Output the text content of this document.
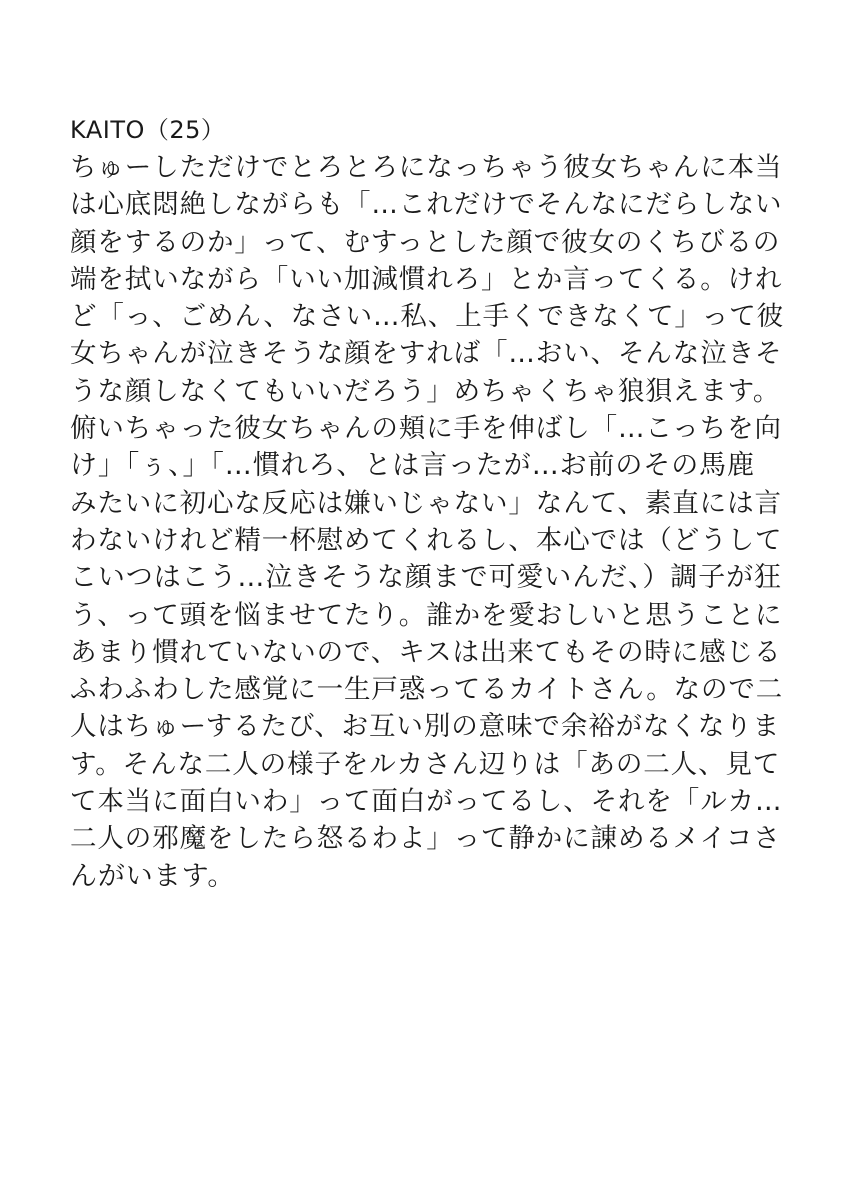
KAITO（25）
ちゅーしただけでとろとろになっちゃう彼女ちゃんに本当
は心底悶絶しながらも「…これだけでそんなにだらしない
顔をするのか」って、むすっとした顔で彼女のくちびるの
端を拭いながら「いい加減慣れろ」とか言ってくる。けれ
ど「っ、ごめん、なさい…私、上手くできなくて」って彼
女ちゃんが泣きそうな顔をすれば「…おい、そんな泣きそ
うな顔しなくてもいいだろう」めちゃくちゃ狼狽えます。
俯いちゃった彼女ちゃんの頬に手を伸ばし「…こっちを向
け」「ぅ、」「…慣れろ、とは言ったが…お前のその馬鹿
みたいに初心な反応は嫌いじゃない」なんて、素直には言
わないけれど精一杯慰めてくれるし、本心では（どうして
こいつはこう…泣きそうな顔まで可愛いんだ、）調子が狂
う、って頭を悩ませてたり。誰かを愛おしいと思うことに
あまり慣れていないので、キスは出来てもその時に感じる
ふわふわした感覚に一生戸惑ってるカイトさん。なので二
人はちゅーするたび、お互い別の意味で余裕がなくなりま
す。そんな二人の様子をルカさん辺りは「あの二人、見て
て本当に面白いわ」って面白がってるし、それを「ルカ…
二人の邪魔をしたら怒るわよ」って静かに諌めるメイコさ
んがいます。
